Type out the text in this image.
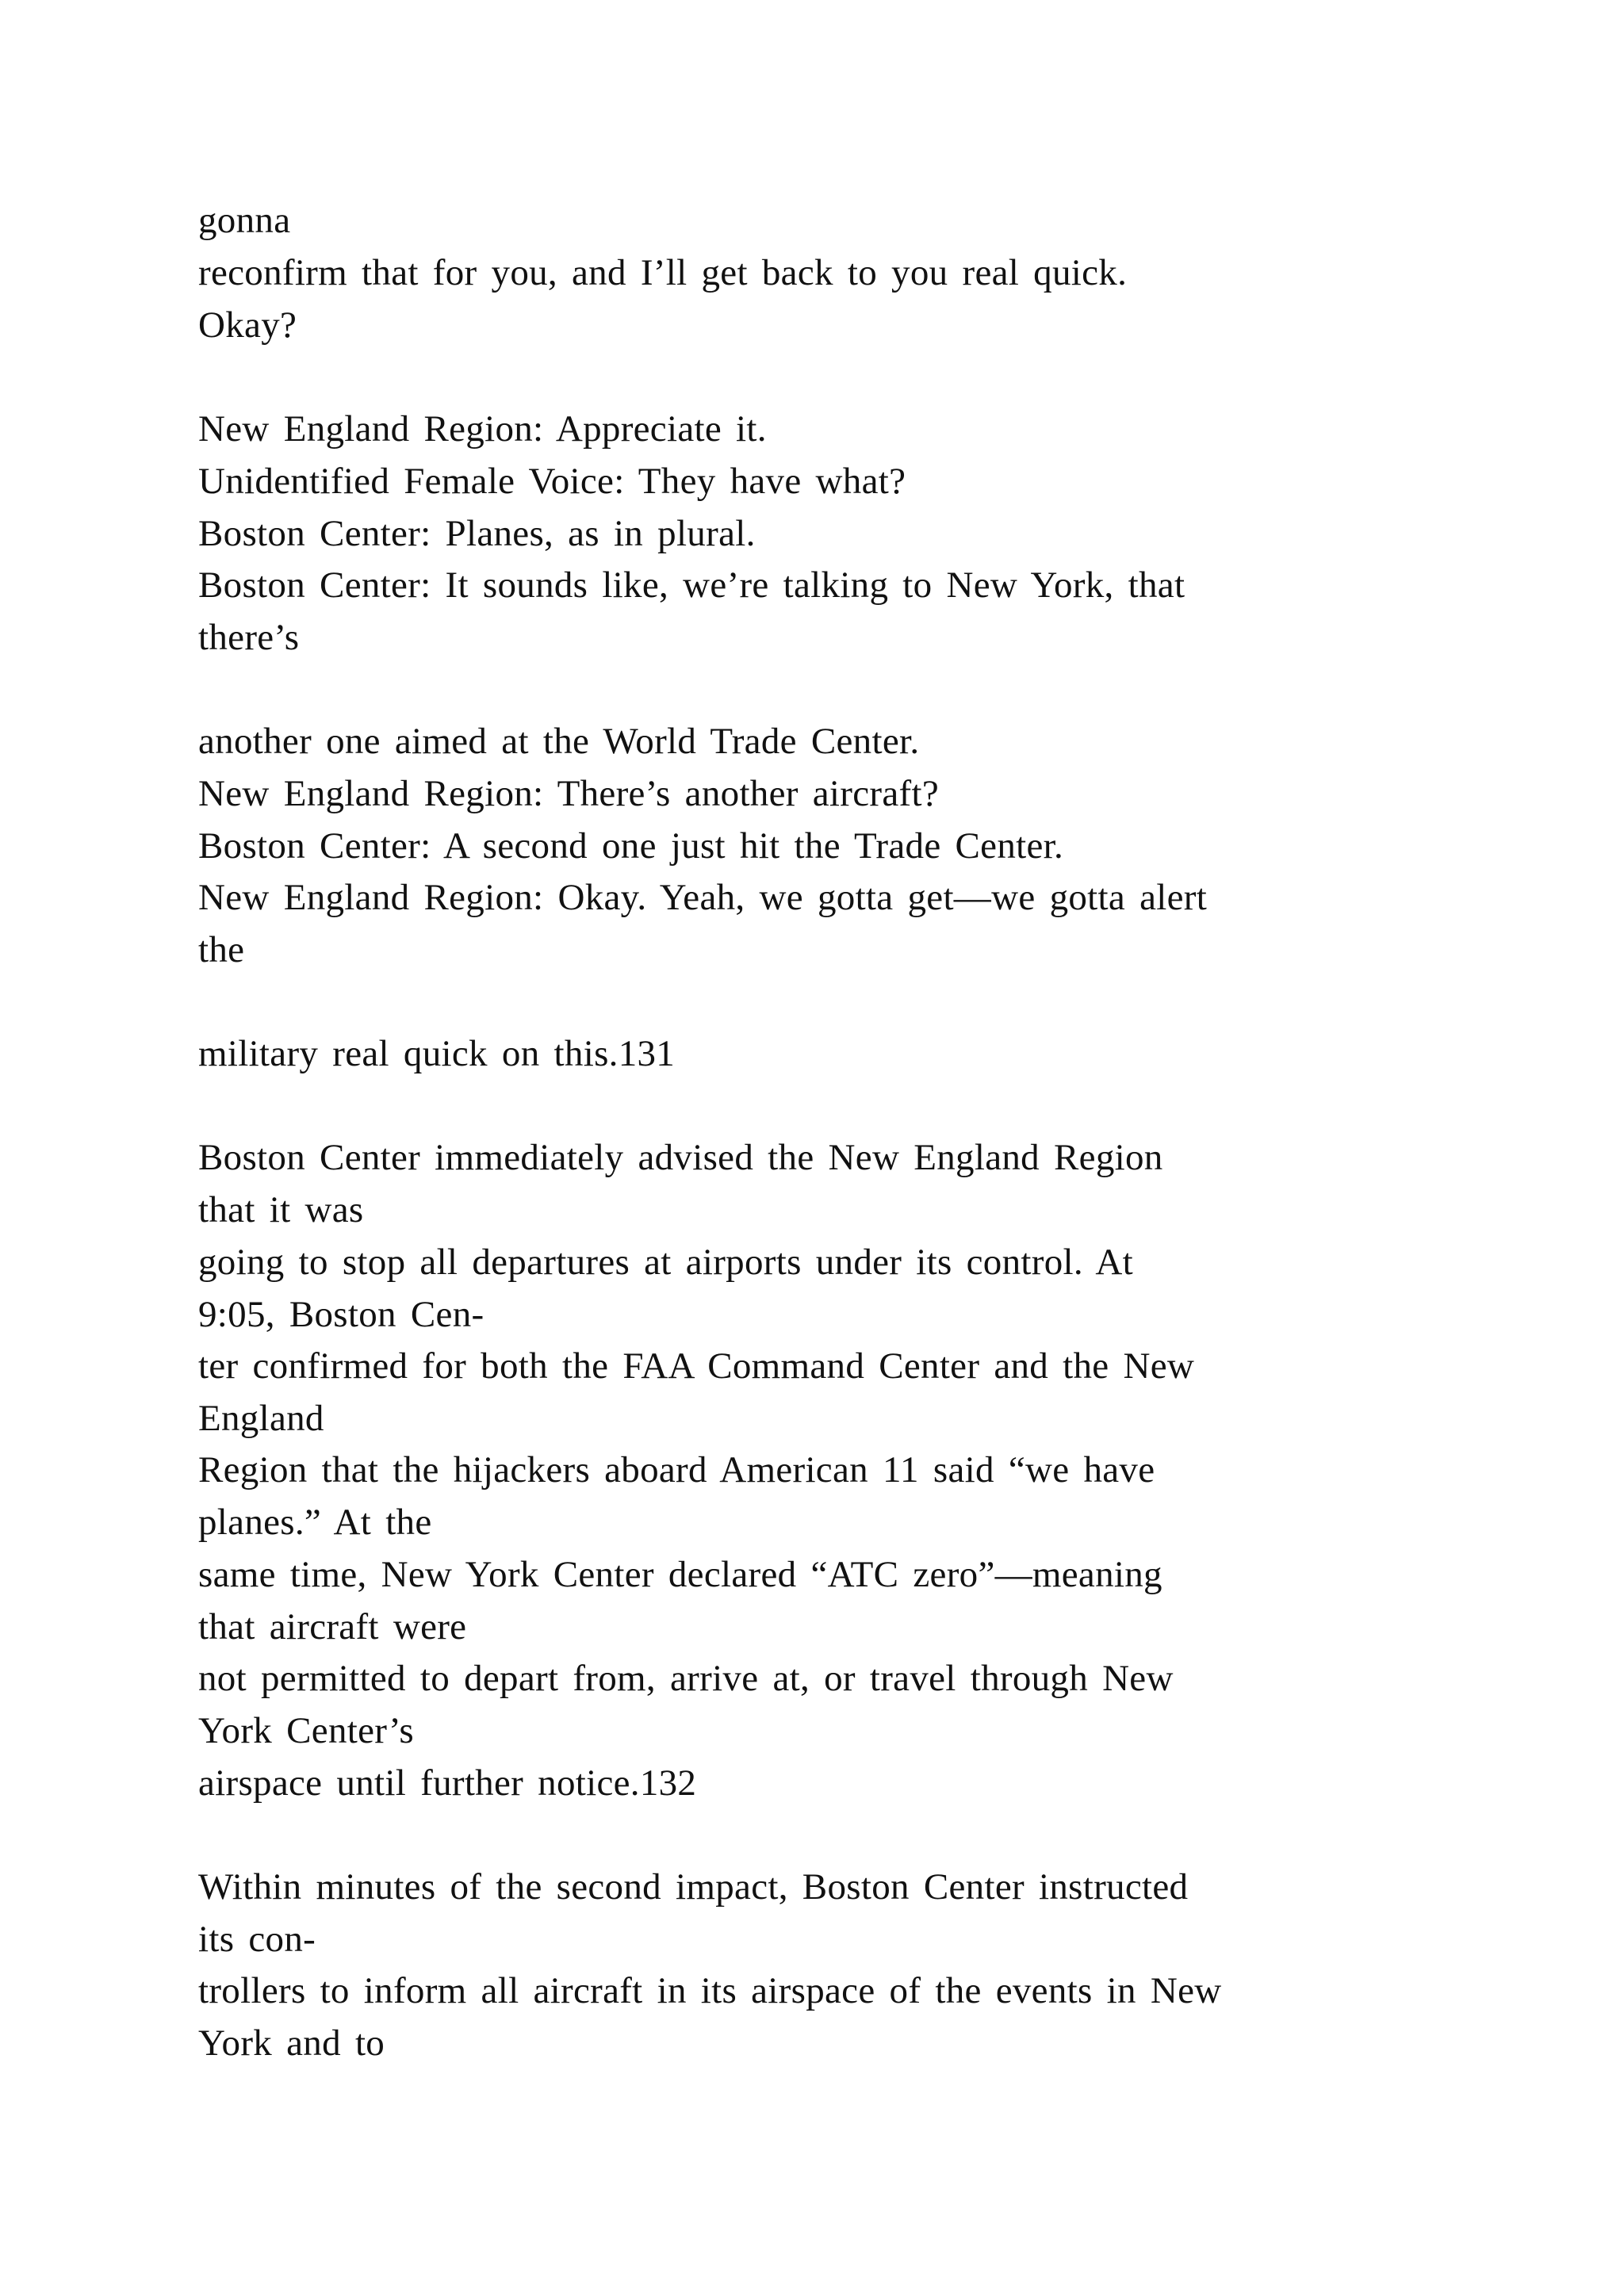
gonna

reconfirm that for you, and I’ll get back to you real quick.

Okay?

New England Region: Appreciate it.

Unidentified Female Voice: They have what?

Boston Center: Planes, as in plural.

Boston Center: It sounds like, we’re talking to New York, that

there’s

another one aimed at the World Trade Center.

New England Region: There’s another aircraft?

Boston Center: A second one just hit the Trade Center.

New England Region: Okay. Yeah, we gotta get—we gotta alert

the

military real quick on this.131

Boston Center immediately advised the New England Region

that it was

going to stop all departures at airports under its control. At

9:05, Boston Cen-

ter confirmed for both the FAA Command Center and the New

England

Region that the hijackers aboard American 11 said “we have

planes.” At the

same time, New York Center declared “ATC zero”—meaning

that aircraft were

not permitted to depart from, arrive at, or travel through New

York Center’s

airspace until further notice.132

Within minutes of the second impact, Boston Center instructed

its con-

trollers to inform all aircraft in its airspace of the events in New

York and to
